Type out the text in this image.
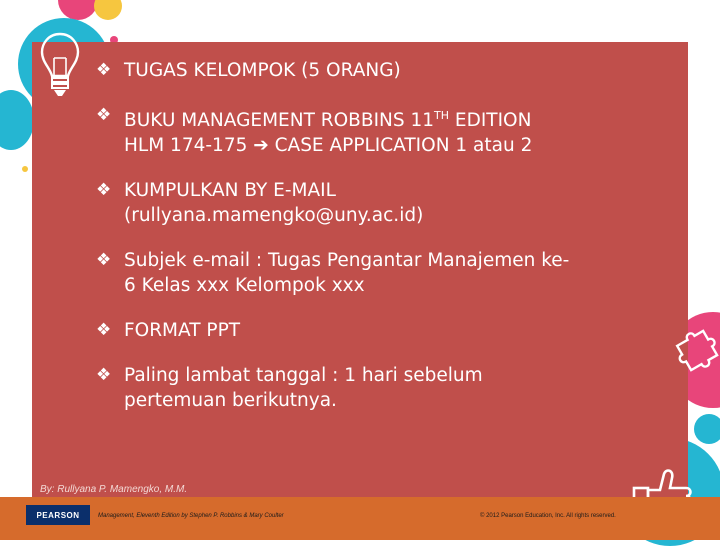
❖ TUGAS KELOMPOK (5 ORANG)
❖ BUKU MANAGEMENT ROBBINS 11TH EDITION
HLM 174-175 ➔ CASE APPLICATION 1 atau 2
❖ KUMPULKAN BY E-MAIL
(rullyana.mamengko@uny.ac.id)
❖ Subjek e-mail : Tugas Pengantar Manajemen ke-
6 Kelas xxx Kelompok xxx
❖ FORMAT PPT
❖ Paling lambat tanggal : 1 hari sebelum
pertemuan berikutnya.
By: Rullyana P. Mamengko, M.M.
PEARSON	Management, Eleventh Edition by Stephen P. Robbins & Mary Coulter	© 2012 Pearson Education, Inc. All rights reserved.
